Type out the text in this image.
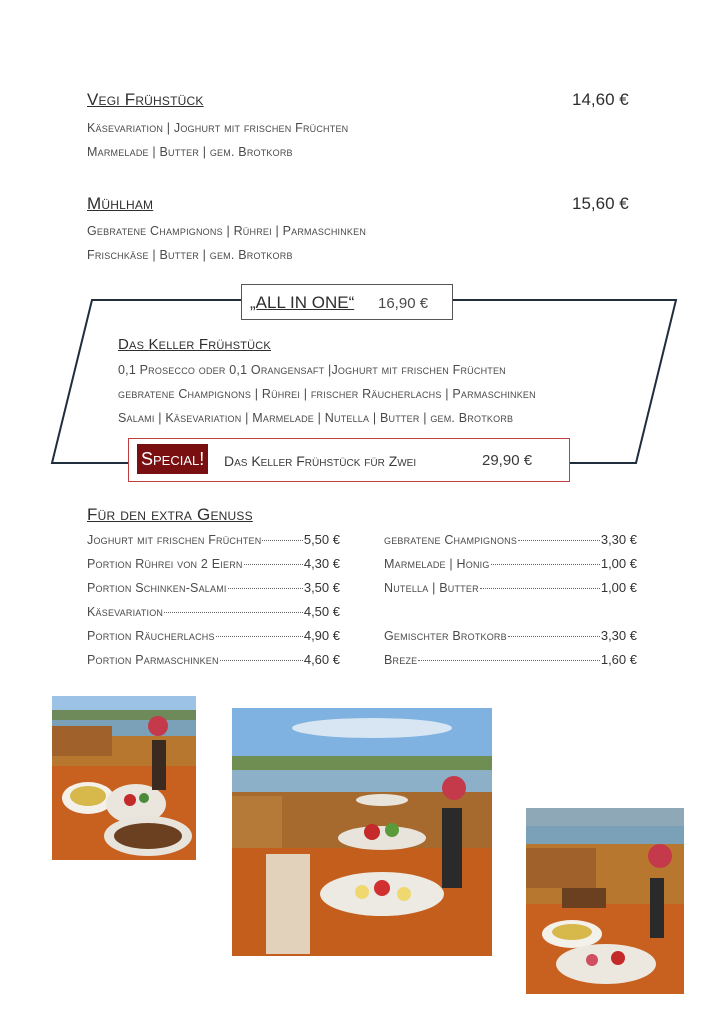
Vegi Frühstück	14,60 €
Käsevariation | Joghurt mit frischen Früchten
Marmelade | Butter | gem. Brotkorb
Mühlham	15,60 €
Gebratene Champignons | Rührei | Parmaschinken
Frischkäse | Butter | gem. Brotkorb
„ALL IN ONE“ 16,90 €
Das Keller Frühstück
0,1 Prosecco oder 0,1 Orangensaft |Joghurt mit frischen Früchten
gebratene Champignons | Rührei | frischer Räucherlachs | Parmaschinken
Salami | Käsevariation | Marmelade | Nutella | Butter | gem. Brotkorb
Special! Das Keller Frühstück für Zwei	29,90 €
Für den extra Genuss
Joghurt mit frischen Früchten	5,50 €
Portion Rührei von 2 Eiern	4,30 €
Portion Schinken-Salami	3,50 €
Käsevariation	4,50 €
Portion Räucherlachs	4,90 €
Portion Parmaschinken	4,60 €
gebratene Champignons	3,30 €
Marmelade | Honig	1,00 €
Nutella | Butter	1,00 €
Gemischter Brotkorb	3,30 €
Breze	1,60 €
